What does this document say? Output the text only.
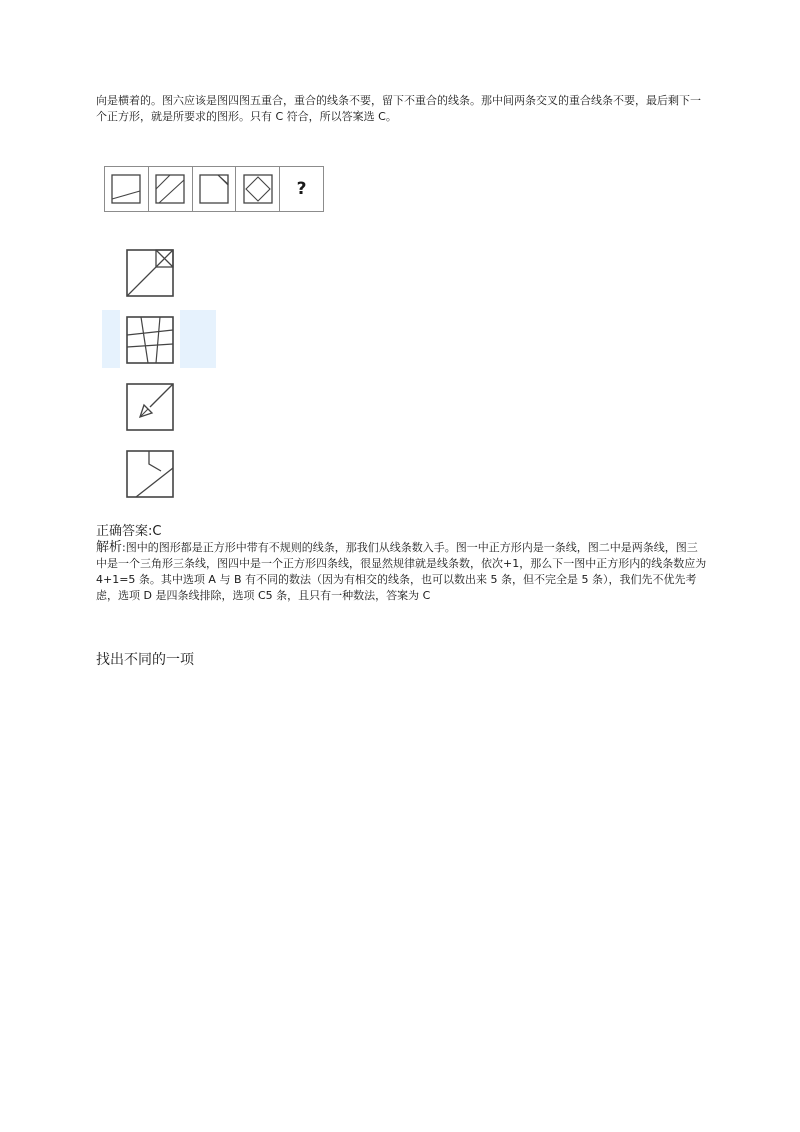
向是横着的。图六应该是图四图五重合，重合的线条不要，留下不重合的线条。那中间两条交叉的重合线条不要，最后剩下一个正方形，就是所要求的图形。只有 C 符合，所以答案选 C。

?

正确答案:C

解析:图中的图形都是正方形中带有不规则的线条，那我们从线条数入手。图一中正方形内是一条线，图二中是两条线，图三中是一个三角形三条线，图四中是一个正方形四条线，很显然规律就是线条数，依次+1，那么下一图中正方形内的线条数应为 4+1=5 条。其中选项 A 与 B 有不同的数法（因为有相交的线条，也可以数出来 5 条，但不完全是 5 条），我们先不优先考虑，选项 D 是四条线排除，选项 C5 条，且只有一种数法，答案为 C

找出不同的一项
